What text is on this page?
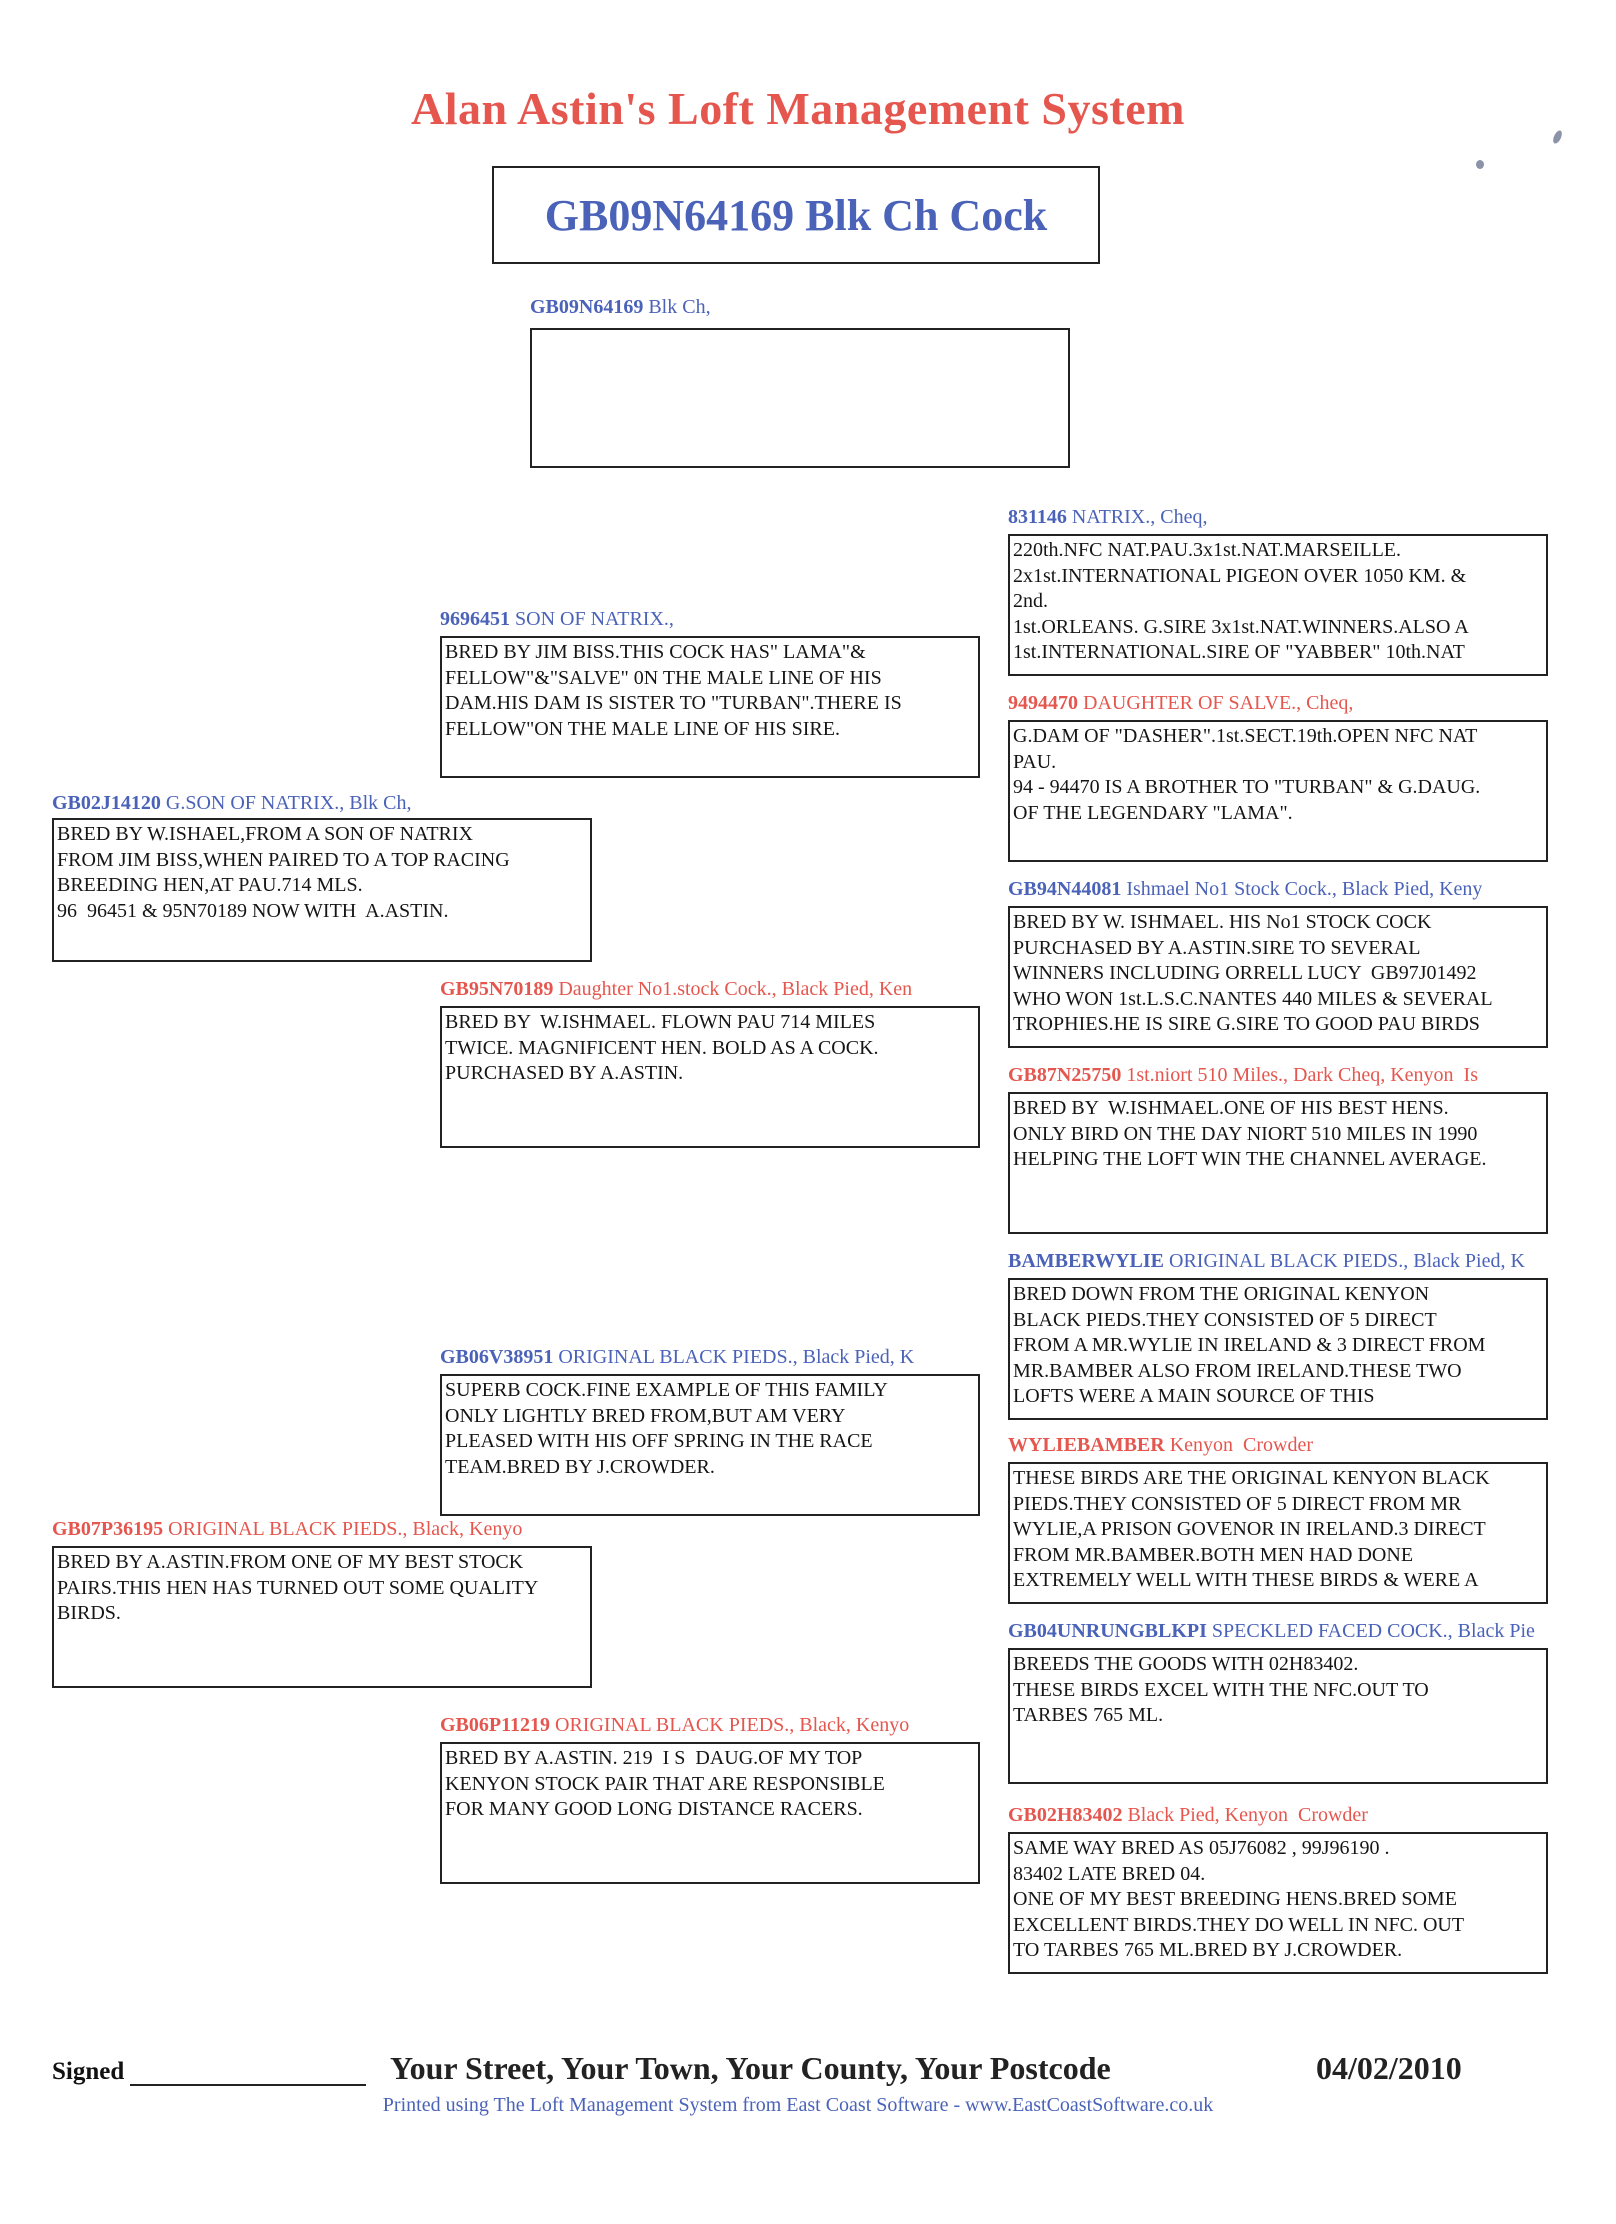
Alan Astin's Loft Management System
GB09N64169 Blk Ch Cock
GB09N64169 Blk Ch,
GB02J14120 G.SON OF NATRIX., Blk Ch,
BRED BY W.ISHAEL,FROM A SON OF NATRIX
FROM JIM BISS,WHEN PAIRED TO A TOP RACING
BREEDING HEN,AT PAU.714 MLS.
96  96451 & 95N70189 NOW WITH  A.ASTIN.
GB07P36195 ORIGINAL BLACK PIEDS., Black, Kenyo
BRED BY A.ASTIN.FROM ONE OF MY BEST STOCK
PAIRS.THIS HEN HAS TURNED OUT SOME QUALITY
BIRDS.
9696451 SON OF NATRIX.,
BRED BY JIM BISS.THIS COCK HAS" LAMA"&
FELLOW"&"SALVE" 0N THE MALE LINE OF HIS
DAM.HIS DAM IS SISTER TO "TURBAN".THERE IS
FELLOW"ON THE MALE LINE OF HIS SIRE.
GB95N70189 Daughter No1.stock Cock., Black Pied, Ken
BRED BY  W.ISHMAEL. FLOWN PAU 714 MILES
TWICE. MAGNIFICENT HEN. BOLD AS A COCK.
PURCHASED BY A.ASTIN.
GB06V38951 ORIGINAL BLACK PIEDS., Black Pied, K
SUPERB COCK.FINE EXAMPLE OF THIS FAMILY
ONLY LIGHTLY BRED FROM,BUT AM VERY
PLEASED WITH HIS OFF SPRING IN THE RACE
TEAM.BRED BY J.CROWDER.
GB06P11219 ORIGINAL BLACK PIEDS., Black, Kenyo
BRED BY A.ASTIN. 219  I S  DAUG.OF MY TOP
KENYON STOCK PAIR THAT ARE RESPONSIBLE
FOR MANY GOOD LONG DISTANCE RACERS.
831146 NATRIX., Cheq,
220th.NFC NAT.PAU.3x1st.NAT.MARSEILLE.
2x1st.INTERNATIONAL PIGEON OVER 1050 KM. &
2nd.
1st.ORLEANS. G.SIRE 3x1st.NAT.WINNERS.ALSO A
1st.INTERNATIONAL.SIRE OF "YABBER" 10th.NAT
9494470 DAUGHTER OF SALVE., Cheq,
G.DAM OF "DASHER".1st.SECT.19th.OPEN NFC NAT
PAU.
94 - 94470 IS A BROTHER TO "TURBAN" & G.DAUG.
OF THE LEGENDARY "LAMA".
GB94N44081 Ishmael No1 Stock Cock., Black Pied, Keny
BRED BY W. ISHMAEL. HIS No1 STOCK COCK
PURCHASED BY A.ASTIN.SIRE TO SEVERAL
WINNERS INCLUDING ORRELL LUCY  GB97J01492
WHO WON 1st.L.S.C.NANTES 440 MILES & SEVERAL
TROPHIES.HE IS SIRE G.SIRE TO GOOD PAU BIRDS
GB87N25750 1st.niort 510 Miles., Dark Cheq, Kenyon  Is
BRED BY  W.ISHMAEL.ONE OF HIS BEST HENS.
ONLY BIRD ON THE DAY NIORT 510 MILES IN 1990
HELPING THE LOFT WIN THE CHANNEL AVERAGE.
BAMBERWYLIE ORIGINAL BLACK PIEDS., Black Pied, K
BRED DOWN FROM THE ORIGINAL KENYON
BLACK PIEDS.THEY CONSISTED OF 5 DIRECT
FROM A MR.WYLIE IN IRELAND & 3 DIRECT FROM
MR.BAMBER ALSO FROM IRELAND.THESE TWO
LOFTS WERE A MAIN SOURCE OF THIS
WYLIEBAMBER Kenyon  Crowder
THESE BIRDS ARE THE ORIGINAL KENYON BLACK
PIEDS.THEY CONSISTED OF 5 DIRECT FROM MR
WYLIE,A PRISON GOVENOR IN IRELAND.3 DIRECT
FROM MR.BAMBER.BOTH MEN HAD DONE
EXTREMELY WELL WITH THESE BIRDS & WERE A
GB04UNRUNGBLKPI SPECKLED FACED COCK., Black Pie
BREEDS THE GOODS WITH 02H83402.
THESE BIRDS EXCEL WITH THE NFC.OUT TO
TARBES 765 ML.
GB02H83402 Black Pied, Kenyon  Crowder
SAME WAY BRED AS 05J76082 , 99J96190 .
83402 LATE BRED 04.
ONE OF MY BEST BREEDING HENS.BRED SOME
EXCELLENT BIRDS.THEY DO WELL IN NFC. OUT
TO TARBES 765 ML.BRED BY J.CROWDER.
Signed	Your Street, Your Town, Your County, Your Postcode	04/02/2010
Printed using The Loft Management System from East Coast Software - www.EastCoastSoftware.co.uk
